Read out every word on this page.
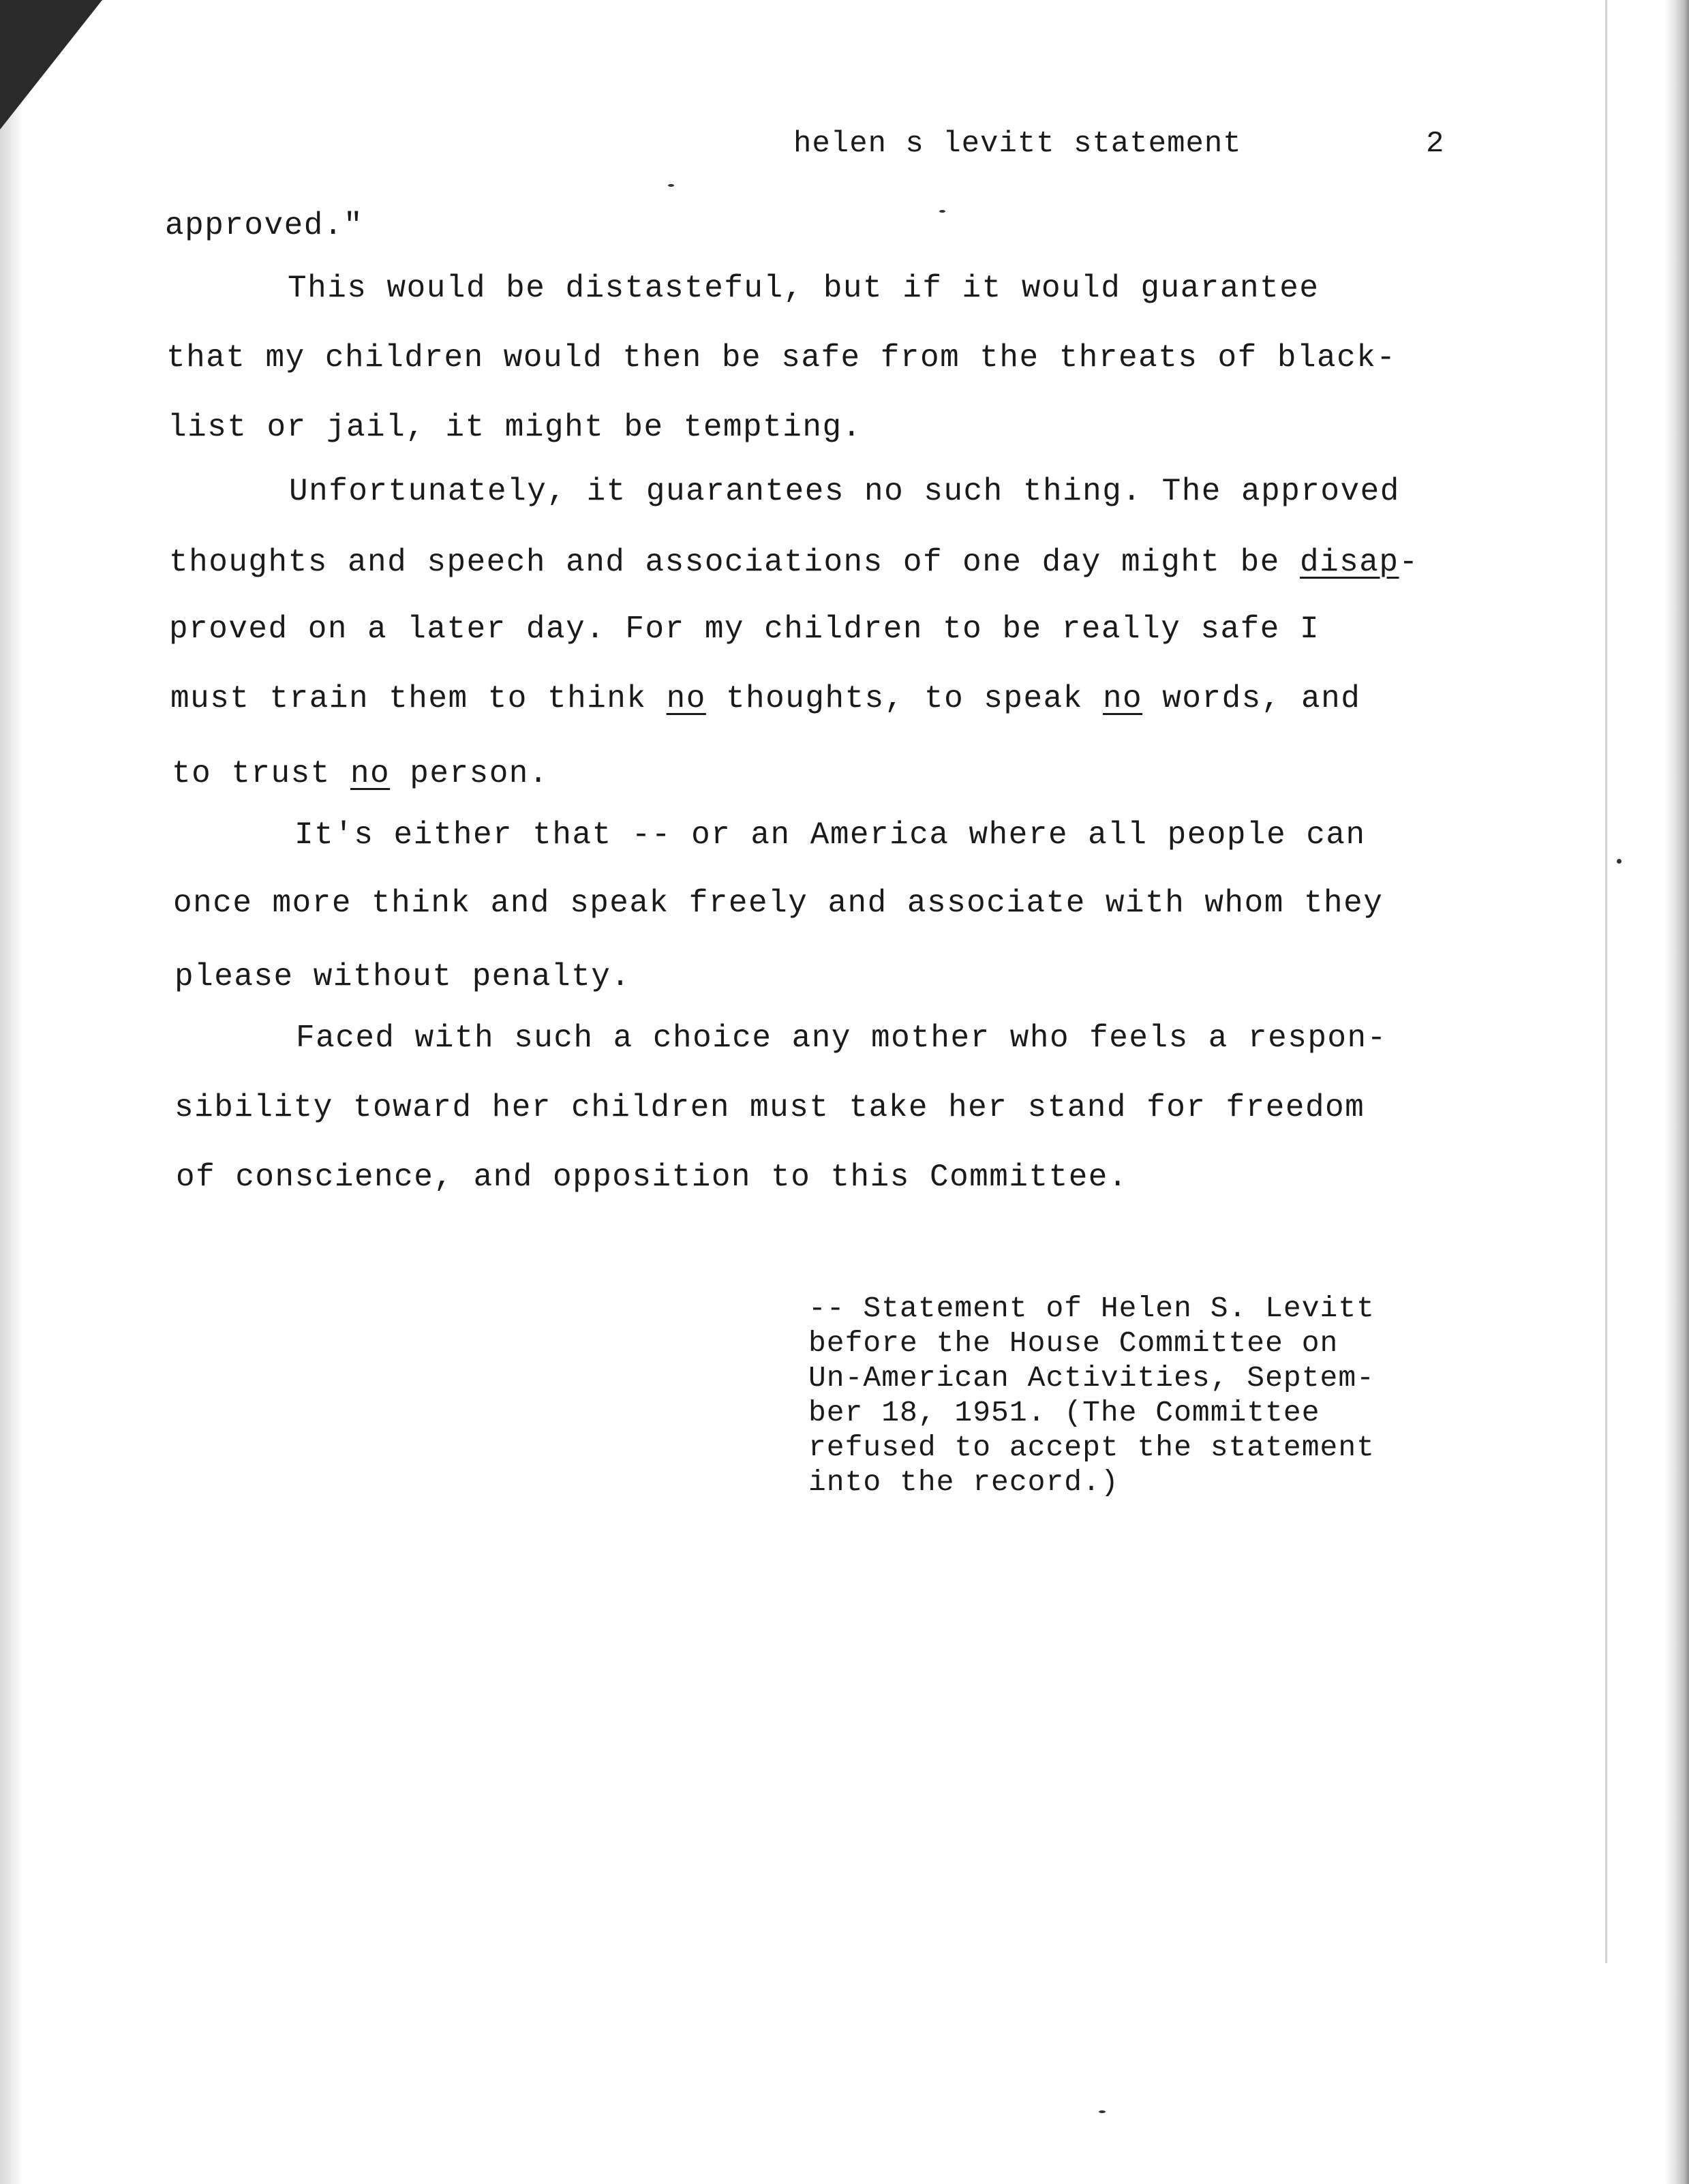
helen s levitt statement	2
approved."
This would be distasteful, but if it would guarantee
that my children would then be safe from the threats of black-
list or jail, it might be tempting.
Unfortunately, it guarantees no such thing. The approved
thoughts and speech and associations of one day might be disap-
proved on a later day. For my children to be really safe I
must train them to think no thoughts, to speak no words, and
to trust no person.
It's either that -- or an America where all people can
once more think and speak freely and associate with whom they
please without penalty.
Faced with such a choice any mother who feels a respon-
sibility toward her children must take her stand for freedom
of conscience, and opposition to this Committee.
-- Statement of Helen S. Levitt
before the House Committee on
Un-American Activities, Septem-
ber 18, 1951. (The Committee
refused to accept the statement
into the record.)
